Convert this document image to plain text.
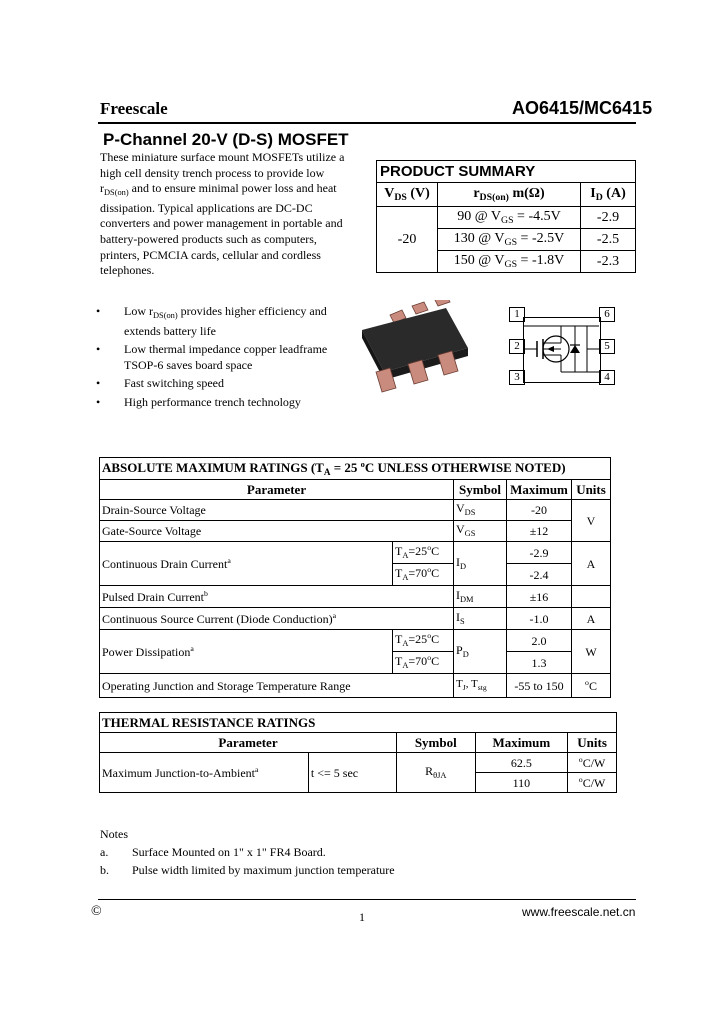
Freescale	AO6415/MC6415
P-Channel 20-V (D-S) MOSFET
These miniature surface mount MOSFETs utilize a
high cell density trench process to provide low
$r_{DS(on)}$ and to ensure minimal power loss and heat
dissipation. Typical applications are DC-DC
converters and power management in portable and
battery-powered products such as computers,
printers, PCMCIA cards, cellular and cordless
telephones.
PRODUCT SUMMARY		
$V_{DS}$ (V)	$r_{DS(on)}$ m(Ω)	$I_D$ (A)
-20	90 @ $V_{GS} = -4.5V$	-2.9
	130 @ $V_{GS} = -2.5V$	-2.5
	150 @ $V_{GS} = -1.8V$	-2.3
• Low $r_{DS(on)}$ provides higher efficiency and
extends battery life
• Low thermal impedance copper leadframe
TSOP-6 saves board space
• Fast switching speed
• High performance trench technology
1
2
3
6
5
4
ABSOLUTE MAXIMUM RATINGS ($T_A = 25$ $^o$C UNLESS OTHERWISE NOTED)				
Parameter		Symbol	Maximum	Units
Drain-Source Voltage		$V_{DS}$	-20	V
Gate-Source Voltage		$V_{GS}$	±12	
Continuous Drain Current$^a$	$T_A=25^oC$	$I_D$	-2.9	A
	$T_A=70^oC$		-2.4	
Pulsed Drain Current$^b$		$I_{DM}$	±16	
Continuous Source Current (Diode Conduction)$^a$		$I_S$	-1.0	A
Power Dissipation$^a$	$T_A=25^oC$	$P_D$	2.0	W
	$T_A=70^oC$		1.3	
Operating Junction and Storage Temperature Range		$T_J$, $T_{stg}$	-55 to 150	$^o$C
THERMAL RESISTANCE RATINGS				
Parameter		Symbol	Maximum	Units
Maximum Junction-to-Ambient$^a$	t <= 5 sec	$R_{\theta JA}$	62.5	$^o$C/W
			110	$^o$C/W
Notes
a. Surface Mounted on 1" x 1" FR4 Board.
b. Pulse width limited by maximum junction temperature
©	1	www.freescale.net.cn
